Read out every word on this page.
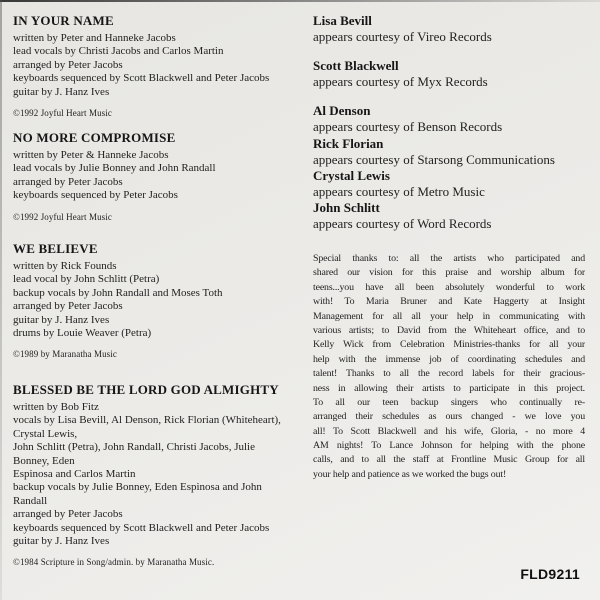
IN YOUR NAME
written by Peter and Hanneke Jacobs
lead vocals by Christi Jacobs and Carlos Martin
arranged by Peter Jacobs
keyboards sequenced by Scott Blackwell and Peter Jacobs
guitar by J. Hanz Ives
©1992 Joyful Heart Music
NO MORE COMPROMISE
written by Peter & Hanneke Jacobs
lead vocals by Julie Bonney and John Randall
arranged by Peter Jacobs
keyboards sequenced by Peter Jacobs
©1992 Joyful Heart Music
WE BELIEVE
written by Rick Founds
lead vocal by John Schlitt (Petra)
backup vocals by John Randall and Moses Toth
arranged by Peter Jacobs
guitar by J. Hanz Ives
drums by Louie Weaver (Petra)
©1989 by Maranatha Music
BLESSED BE THE LORD GOD ALMIGHTY
written by Bob Fitz
vocals by Lisa Bevill, Al Denson, Rick Florian (Whiteheart),
Crystal Lewis,
John Schlitt (Petra), John Randall, Christi Jacobs, Julie
Bonney, Eden
Espinosa and Carlos Martin
backup vocals by Julie Bonney, Eden Espinosa and John
Randall
arranged by Peter Jacobs
keyboards sequenced by Scott Blackwell and Peter Jacobs
guitar by J. Hanz Ives
©1984 Scripture in Song/admin. by Maranatha Music.
Lisa Bevill
appears courtesy of Vireo Records
Scott Blackwell
appears courtesy of Myx Records
Al Denson
appears courtesy of Benson Records
Rick Florian
appears courtesy of Starsong Communications
Crystal Lewis
appears courtesy of Metro Music
John Schlitt
appears courtesy of Word Records
Special thanks to: all the artists who participated and
shared our vision for this praise and worship album for
teens...you have all been absolutely wonderful to work
with! To Maria Bruner and Kate Haggerty at Insight
Management for all all your help in communicating with
various artists; to David from the Whiteheart office, and to
Kelly Wick from Celebration Ministries-thanks for all your
help with the immense job of coordinating schedules and
talent! Thanks to all the record labels for their gracious-
ness in allowing their artists to participate in this project.
To all our teen backup singers who continually re-
arranged their schedules as ours changed - we love you
all! To Scott Blackwell and his wife, Gloria, - no more 4
AM nights! To Lance Johnson for helping with the phone
calls, and to all the staff at Frontline Music Group for all
your help and patience as we worked the bugs out!
FLD9211
